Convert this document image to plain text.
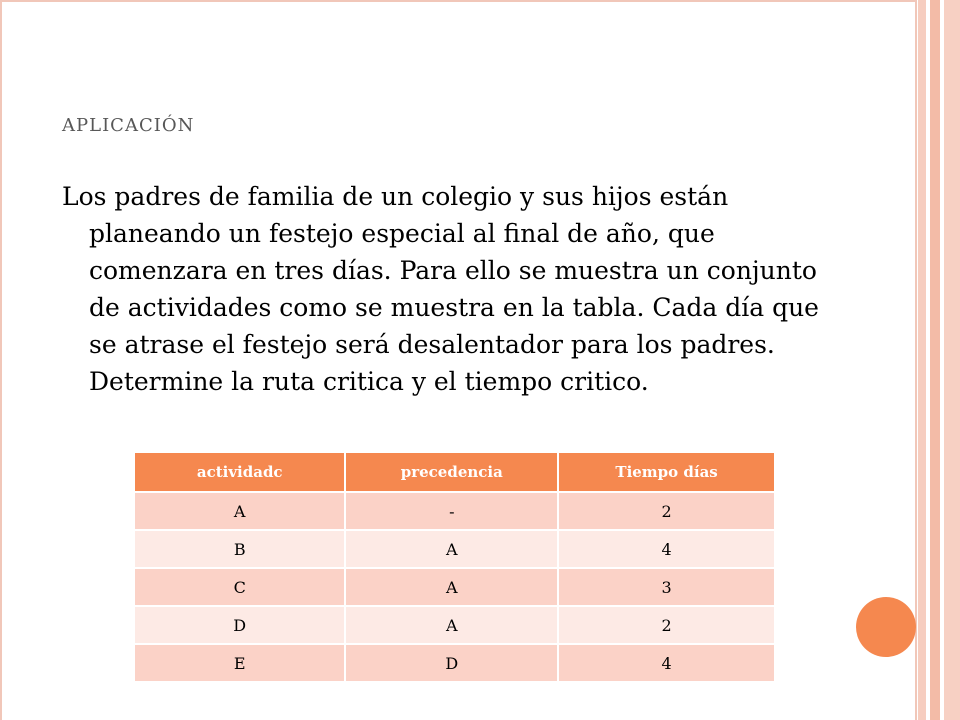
aplicación
Los padres de familia de un colegio y sus hijos están planeando un festejo especial al final de año, que comenzara en tres días. Para ello se muestra un conjunto de actividades como se muestra en la tabla. Cada día que se atrase el festejo será desalentador para los padres. Determine la ruta critica y el tiempo critico.
actividadc	precedencia	Tiempo días
A	-	2
B	A	4
C	A	3
D	A	2
E	D	4
